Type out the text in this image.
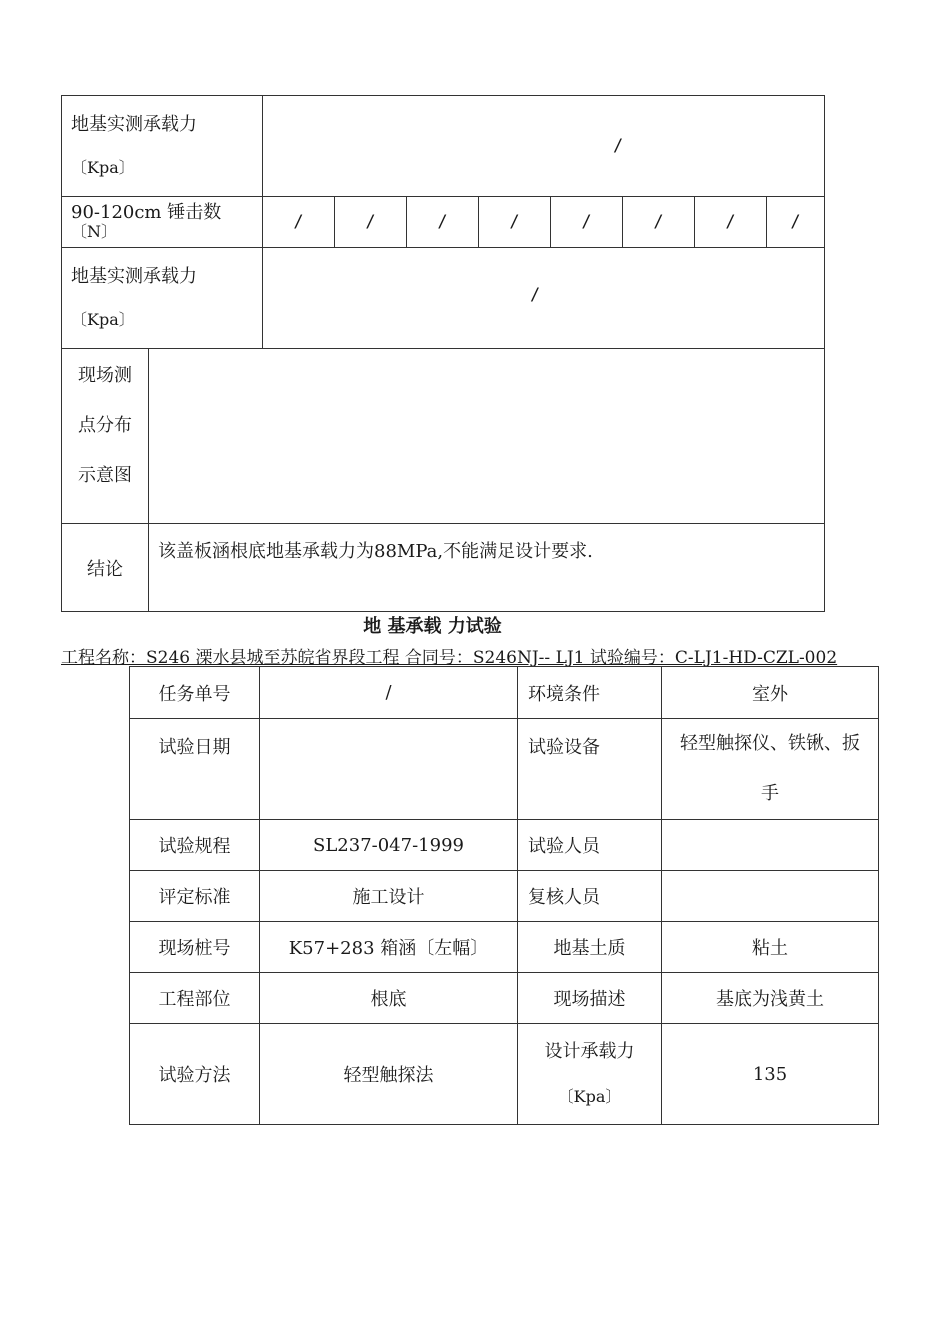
地基实测承载力
〔Kpa〕		/							

90-120cm 锤击数
〔N〕		/	/	/	/	/	/	/	/

地基实测承载力
〔Kpa〕		/							

现场测
点分布
示意图									

结论	该盖板涵根底地基承载力为88MPa,不能满足设计要求.								
地 基承载 力试验
工程名称：S246 溧水县城至苏皖省界段工程 合同号：S246NJ-- LJ1 试验编号：C-LJ1-HD-CZL-002
任务单号	/	环境条件	室外
试验日期		试验设备	轻型触探仪、铁锹、扳
手

试验规程	SL237-047-1999	试验人员	
评定标准	施工设计	复核人员	
现场桩号	K57+283 箱涵〔左幅〕	地基土质	粘土
工程部位	根底	现场描述	基底为浅黄土
试验方法	轻型触探法	设计承载力
〔Kpa〕	135
